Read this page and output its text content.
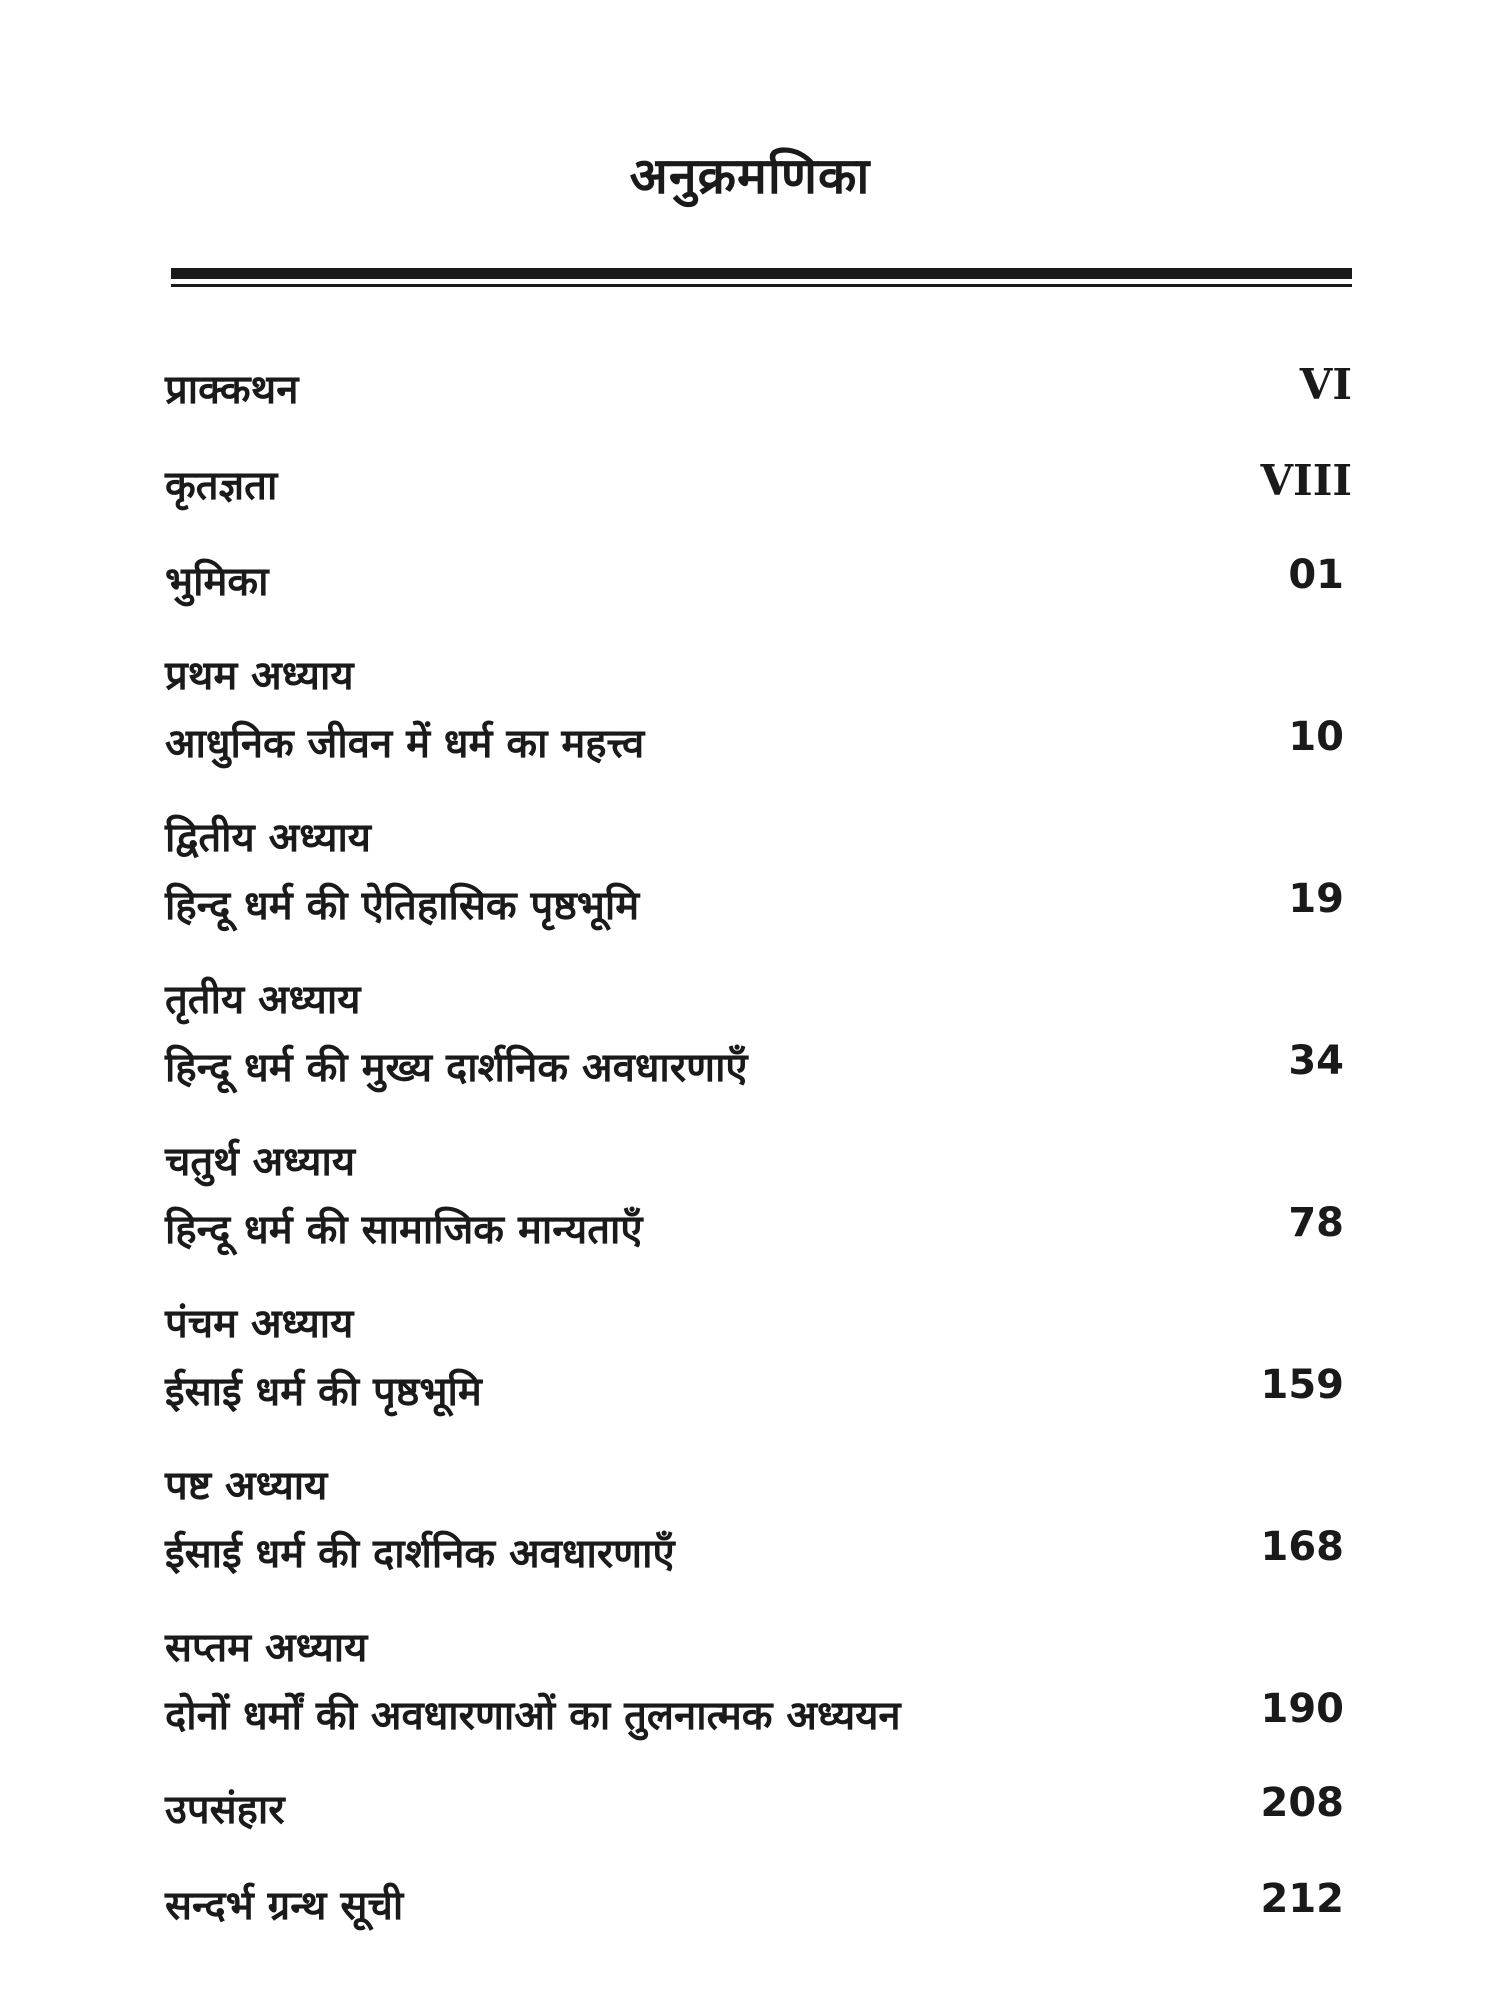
अनुक्रमणिका
प्राक्कथन	VI
कृतज्ञता	VIII
भुमिका	01
प्रथम अध्याय
आधुनिक जीवन में धर्म का महत्त्व	10
द्वितीय अध्याय
हिन्दू धर्म की ऐतिहासिक पृष्ठभूमि	19
तृतीय अध्याय
हिन्दू धर्म की मुख्य दार्शनिक अवधारणाएँ	34
चतुर्थ अध्याय
हिन्दू धर्म की सामाजिक मान्यताएँ	78
पंचम अध्याय
ईसाई धर्म की पृष्ठभूमि	159
पष्ट अध्याय
ईसाई धर्म की दार्शनिक अवधारणाएँ	168
सप्तम अध्याय
दोनों धर्मों की अवधारणाओं का तुलनात्मक अध्ययन	190
उपसंहार	208
सन्दर्भ ग्रन्थ सूची	212
